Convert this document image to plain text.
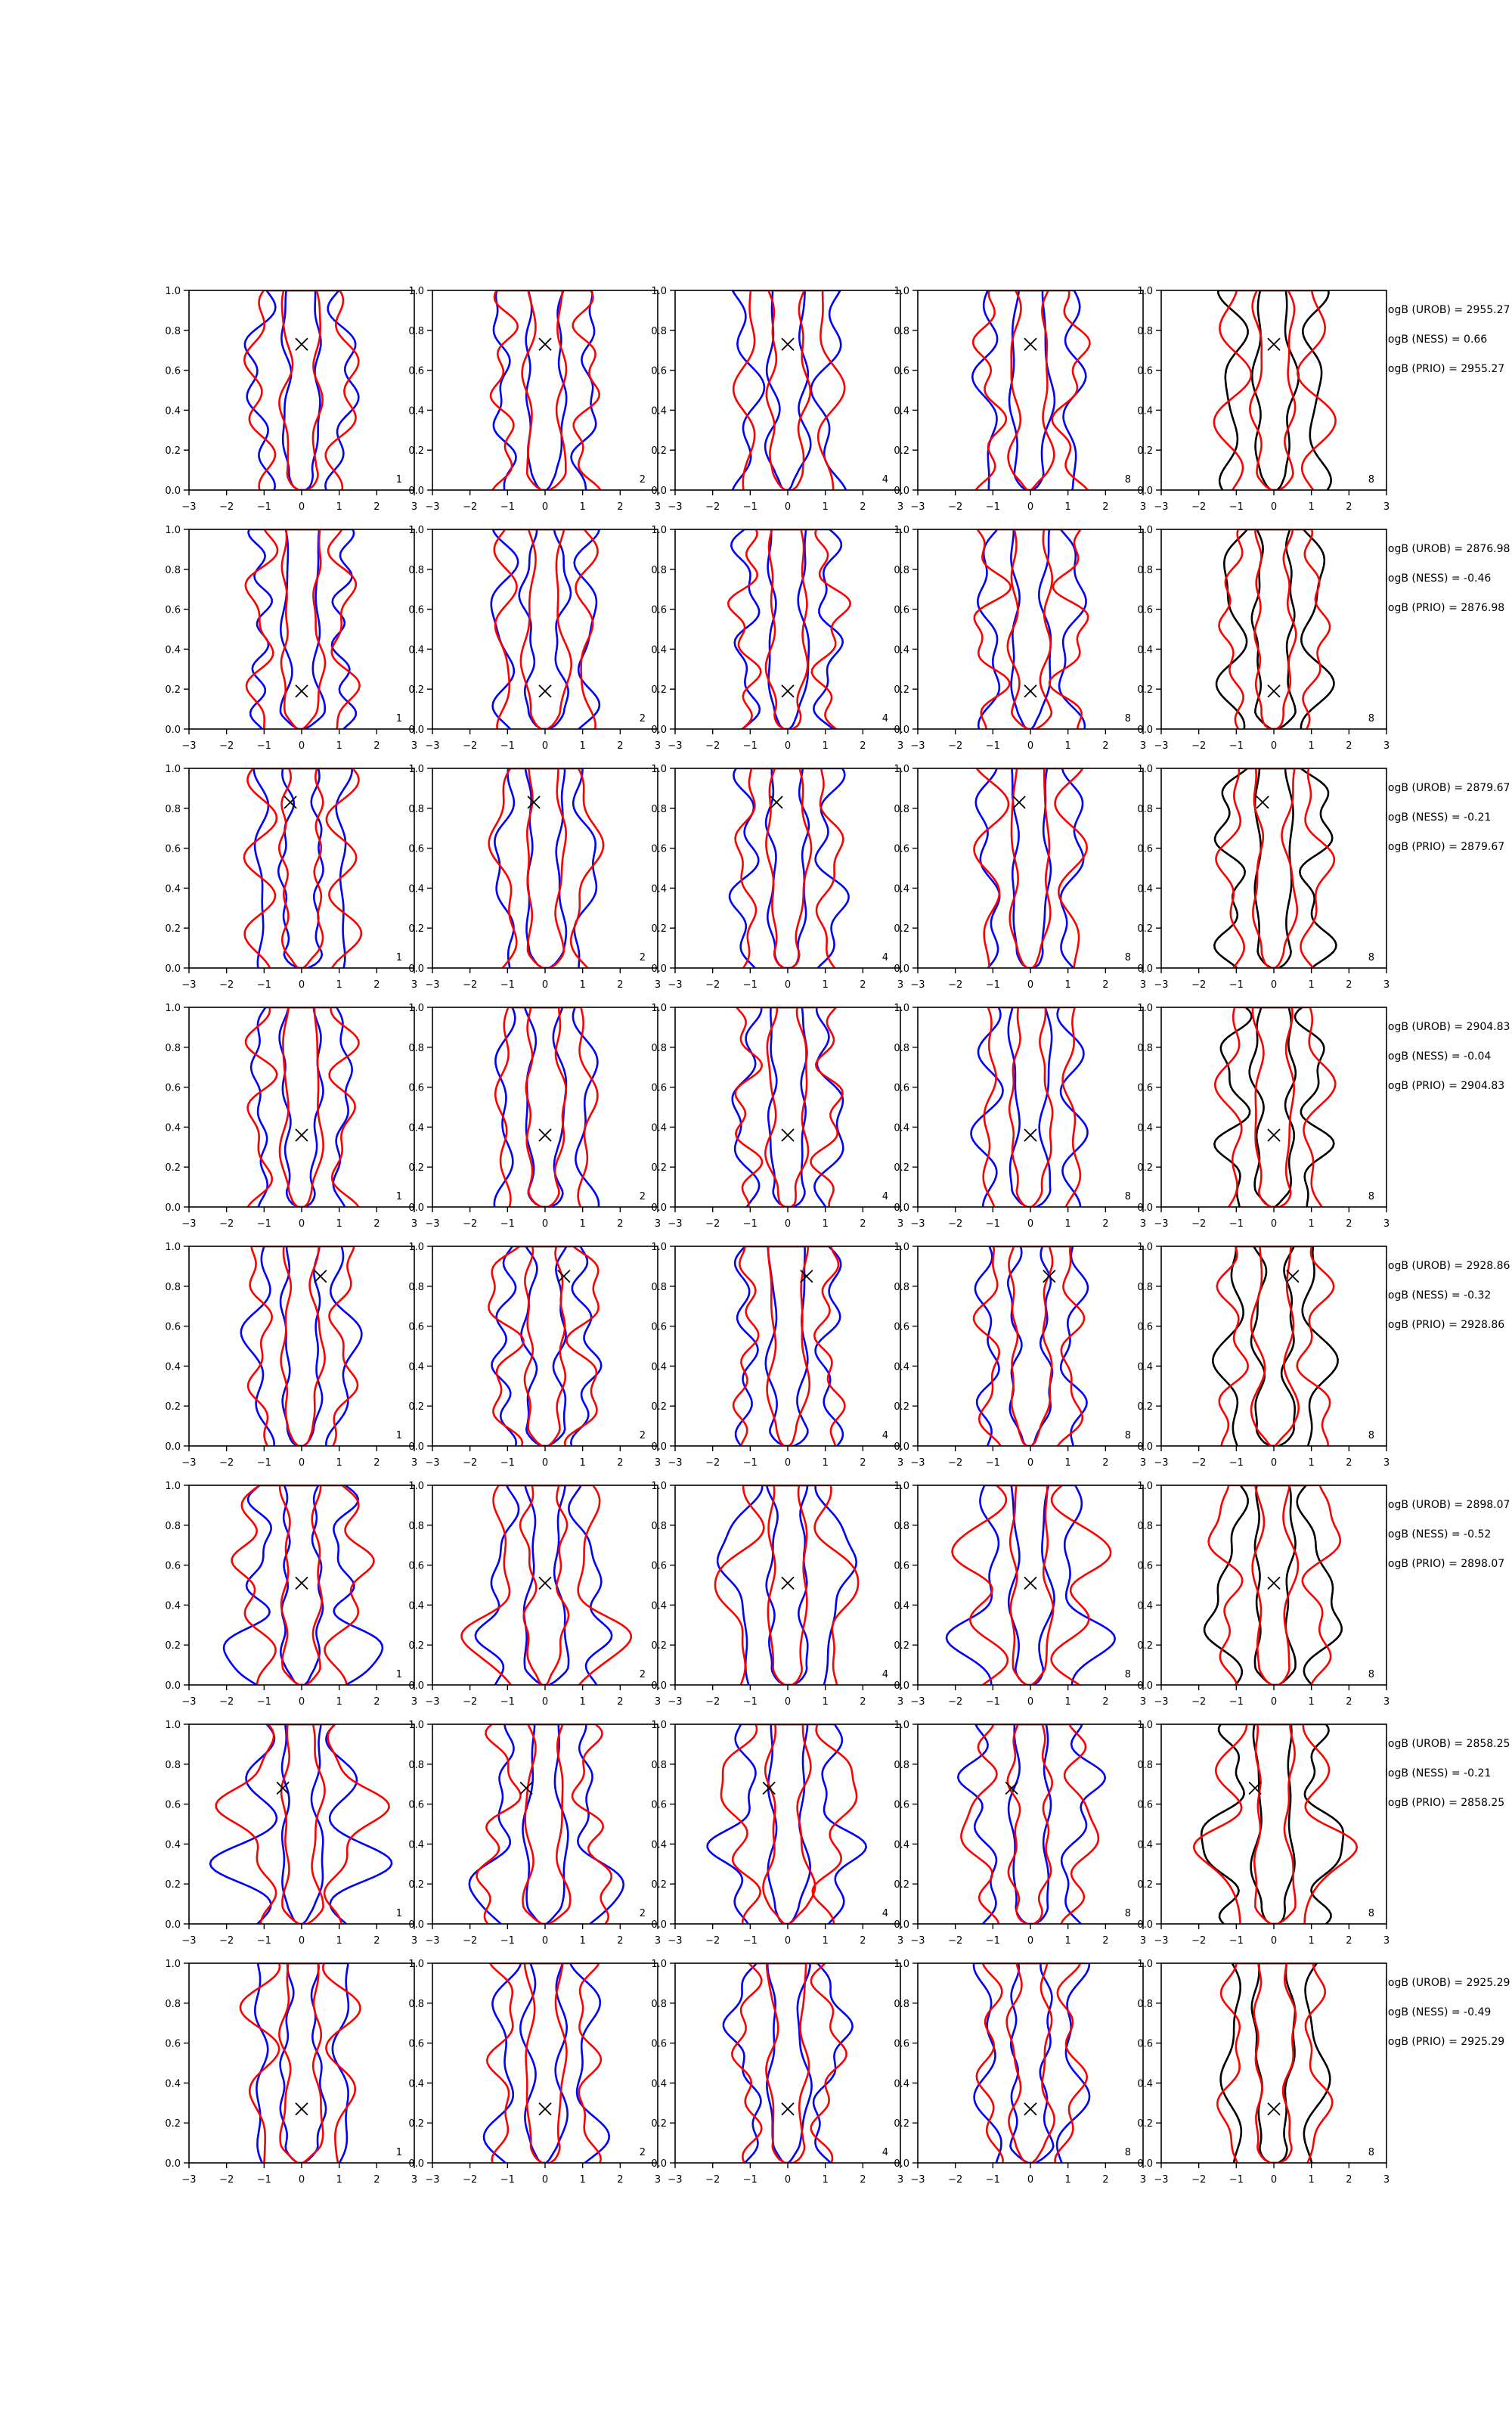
−3 −2 −1	0	1	2	3
0.0
0.2
0.4
0.6
0.8
1.0
1
−3 −2 −1	0	1	2	3
0.0
0.2
0.4
0.6
0.8
1.0
2
−3 −2 −1	0	1	2	3
0.0
0.2
0.4
0.6
0.8
1.0
4
−3 −2 −1	0	1	2	3
0.0
0.2
0.4
0.6
0.8
1.0
8
−3 −2 −1	0	1	2	3
0.0
0.2
0.4
0.6
0.8
1.0
8
logB (UROB) = 2955.27
logB (NESS) = 0.66
logB (PRIO) = 2955.27
−3 −2 −1	0	1	2	3
0.0
0.2
0.4
0.6
0.8
1.0
1
−3 −2 −1	0	1	2	3
0.0
0.2
0.4
0.6
0.8
1.0
2
−3 −2 −1	0	1	2	3
0.0
0.2
0.4
0.6
0.8
1.0
4
−3 −2 −1	0	1	2	3
0.0
0.2
0.4
0.6
0.8
1.0
8
−3 −2 −1	0	1	2	3
0.0
0.2
0.4
0.6
0.8
1.0
8
logB (UROB) = 2876.98
logB (NESS) = -0.46
logB (PRIO) = 2876.98
−3 −2 −1	0	1	2	3
0.0
0.2
0.4
0.6
0.8
1.0
1
−3 −2 −1	0	1	2	3
0.0
0.2
0.4
0.6
0.8
1.0
2
−3 −2 −1	0	1	2	3
0.0
0.2
0.4
0.6
0.8
1.0
4
−3 −2 −1	0	1	2	3
0.0
0.2
0.4
0.6
0.8
1.0
8
−3 −2 −1	0	1	2	3
0.0
0.2
0.4
0.6
0.8
1.0
8
logB (UROB) = 2879.67
logB (NESS) = -0.21
logB (PRIO) = 2879.67
−3 −2 −1	0	1	2	3
0.0
0.2
0.4
0.6
0.8
1.0
1
−3 −2 −1	0	1	2	3
0.0
0.2
0.4
0.6
0.8
1.0
2
−3 −2 −1	0	1	2	3
0.0
0.2
0.4
0.6
0.8
1.0
4
−3 −2 −1	0	1	2	3
0.0
0.2
0.4
0.6
0.8
1.0
8
−3 −2 −1	0	1	2	3
0.0
0.2
0.4
0.6
0.8
1.0
8
logB (UROB) = 2904.83
logB (NESS) = -0.04
logB (PRIO) = 2904.83
−3 −2 −1	0	1	2	3
0.0
0.2
0.4
0.6
0.8
1.0
1
−3 −2 −1	0	1	2	3
0.0
0.2
0.4
0.6
0.8
1.0
2
−3 −2 −1	0	1	2	3
0.0
0.2
0.4
0.6
0.8
1.0
4
−3 −2 −1	0	1	2	3
0.0
0.2
0.4
0.6
0.8
1.0
8
−3 −2 −1	0	1	2	3
0.0
0.2
0.4
0.6
0.8
1.0
8
logB (UROB) = 2928.86
logB (NESS) = -0.32
logB (PRIO) = 2928.86
−3 −2 −1	0	1	2	3
0.0
0.2
0.4
0.6
0.8
1.0
1
−3 −2 −1	0	1	2	3
0.0
0.2
0.4
0.6
0.8
1.0
2
−3 −2 −1	0	1	2	3
0.0
0.2
0.4
0.6
0.8
1.0
4
−3 −2 −1	0	1	2	3
0.0
0.2
0.4
0.6
0.8
1.0
8
−3 −2 −1	0	1	2	3
0.0
0.2
0.4
0.6
0.8
1.0
8
logB (UROB) = 2898.07
logB (NESS) = -0.52
logB (PRIO) = 2898.07
−3 −2 −1	0	1	2	3
0.0
0.2
0.4
0.6
0.8
1.0
1
−3 −2 −1	0	1	2	3
0.0
0.2
0.4
0.6
0.8
1.0
2
−3 −2 −1	0	1	2	3
0.0
0.2
0.4
0.6
0.8
1.0
4
−3 −2 −1	0	1	2	3
0.0
0.2
0.4
0.6
0.8
1.0
8
−3 −2 −1	0	1	2	3
0.0
0.2
0.4
0.6
0.8
1.0
8
logB (UROB) = 2858.25
logB (NESS) = -0.21
logB (PRIO) = 2858.25
−3 −2 −1	0	1	2	3
0.0
0.2
0.4
0.6
0.8
1.0
1
−3 −2 −1	0	1	2	3
0.0
0.2
0.4
0.6
0.8
1.0
2
−3 −2 −1	0	1	2	3
0.0
0.2
0.4
0.6
0.8
1.0
4
−3 −2 −1	0	1	2	3
0.0
0.2
0.4
0.6
0.8
1.0
8
−3 −2 −1	0	1	2	3
0.0
0.2
0.4
0.6
0.8
1.0
8
logB (UROB) = 2925.29
logB (NESS) = -0.49
logB (PRIO) = 2925.29
